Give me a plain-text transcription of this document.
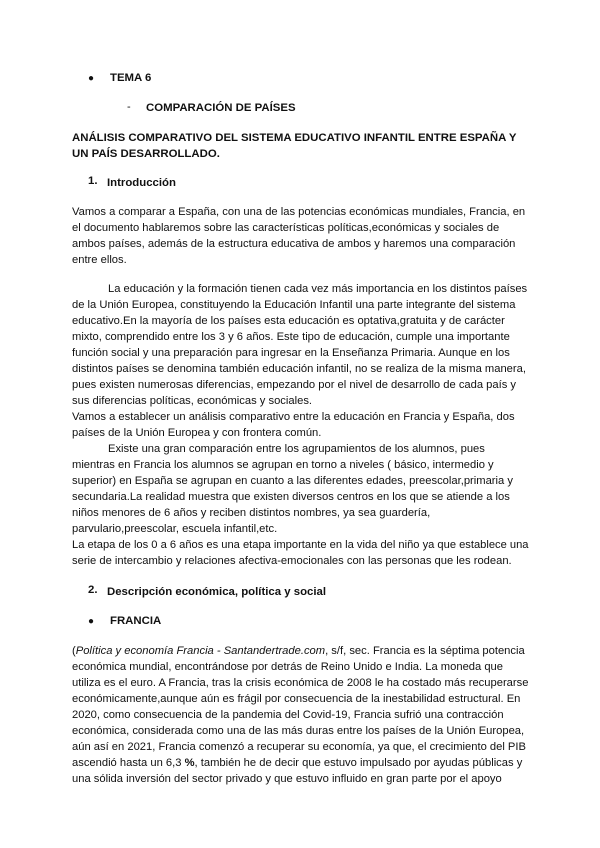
● TEMA 6
- COMPARACIÓN DE PAÍSES
ANÁLISIS COMPARATIVO DEL SISTEMA EDUCATIVO INFANTIL ENTRE ESPAÑA Y
UN PAÍS DESARROLLADO.
1. Introducción
Vamos a comparar a España, con una de las potencias económicas mundiales, Francia, en
el documento hablaremos sobre las características políticas,económicas y sociales de
ambos países, además de la estructura educativa de ambos y haremos una comparación
entre ellos.
La educación y la formación tienen cada vez más importancia en los distintos países
de la Unión Europea, constituyendo la Educación Infantil una parte integrante del sistema
educativo.En la mayoría de los países esta educación es optativa,gratuita y de carácter
mixto, comprendido entre los 3 y 6 años. Este tipo de educación, cumple una importante
función social y una preparación para ingresar en la Enseñanza Primaria. Aunque en los
distintos países se denomina también educación infantil, no se realiza de la misma manera,
pues existen numerosas diferencias, empezando por el nivel de desarrollo de cada país y
sus diferencias políticas, económicas y sociales.
Vamos a establecer un análisis comparativo entre la educación en Francia y España, dos
países de la Unión Europea y con frontera común.
Existe una gran comparación entre los agrupamientos de los alumnos, pues
mientras en Francia los alumnos se agrupan en torno a niveles ( básico, intermedio y
superior) en España se agrupan en cuanto a las diferentes edades, preescolar,primaria y
secundaria.La realidad muestra que existen diversos centros en los que se atiende a los
niños menores de 6 años y reciben distintos nombres, ya sea guardería,
parvulario,preescolar, escuela infantil,etc.
La etapa de los 0 a 6 años es una etapa importante en la vida del niño ya que establece una
serie de intercambio y relaciones afectiva-emocionales con las personas que les rodean.
2. Descripción económica, política y social
● FRANCIA
(Política y economía Francia - Santandertrade.com, s/f, sec. Francia es la séptima potencia
económica mundial, encontrándose por detrás de Reino Unido e India. La moneda que
utiliza es el euro. A Francia, tras la crisis económica de 2008 le ha costado más recuperarse
económicamente,aunque aún es frágil por consecuencia de la inestabilidad estructural. En
2020, como consecuencia de la pandemia del Covid-19, Francia sufrió una contracción
económica, considerada como una de las más duras entre los países de la Unión Europea,
aún así en 2021, Francia comenzó a recuperar su economía, ya que, el crecimiento del PIB
ascendió hasta un 6,3 %, también he de decir que estuvo impulsado por ayudas públicas y
una sólida inversión del sector privado y que estuvo influido en gran parte por el apoyo
